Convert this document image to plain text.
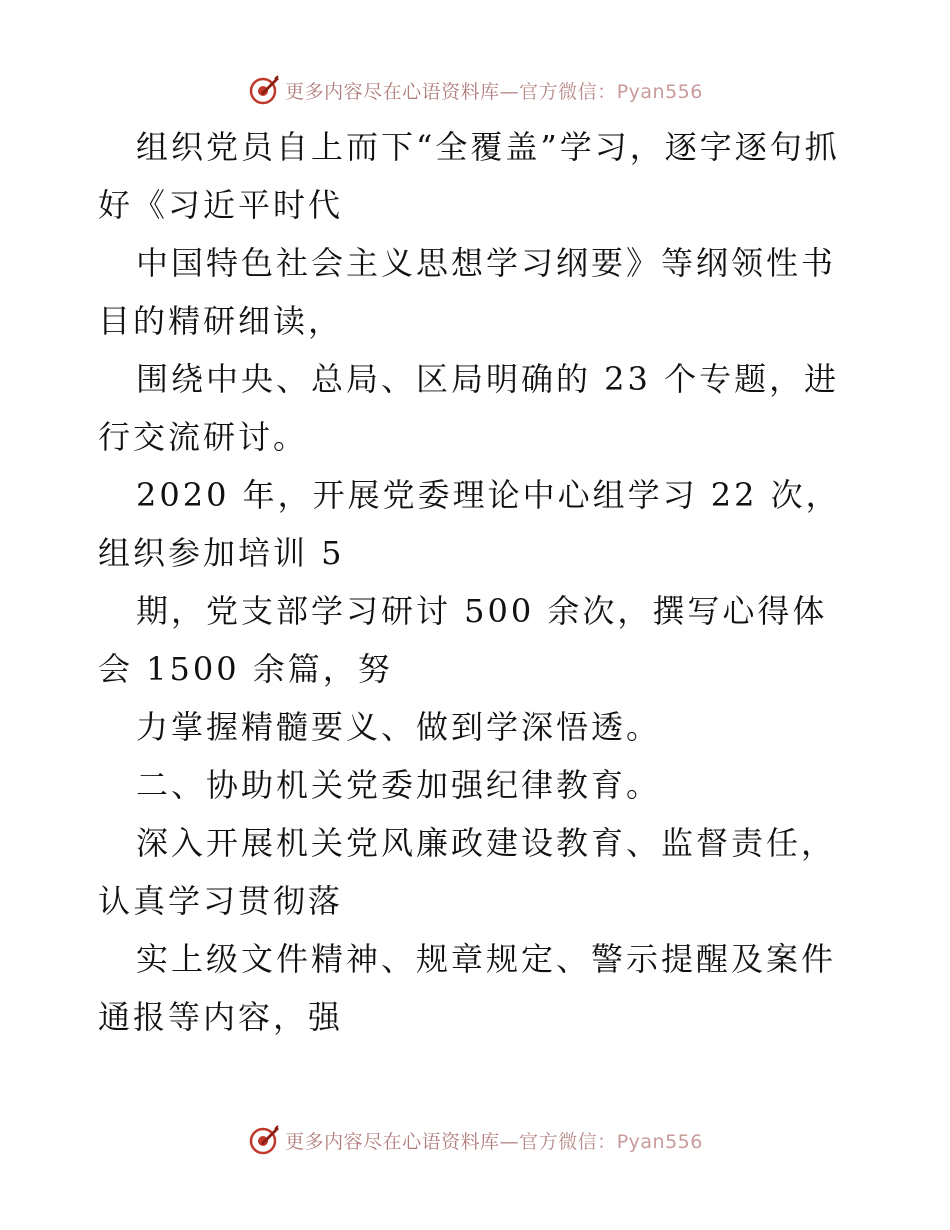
更多内容尽在心语资料库—官方微信：Pyan556

组织党员自上而下“全覆盖”学习，逐字逐句抓好《习近平时代

中国特色社会主义思想学习纲要》等纲领性书目的精研细读，

围绕中央、总局、区局明确的 23 个专题，进行交流研讨。

2020 年，开展党委理论中心组学习 22 次，组织参加培训 5

期，党支部学习研讨 500 余次，撰写心得体会 1500 余篇，努

力掌握精髓要义、做到学深悟透。

二、协助机关党委加强纪律教育。

深入开展机关党风廉政建设教育、监督责任，认真学习贯彻落

实上级文件精神、规章规定、警示提醒及案件通报等内容，强

更多内容尽在心语资料库—官方微信：Pyan556
